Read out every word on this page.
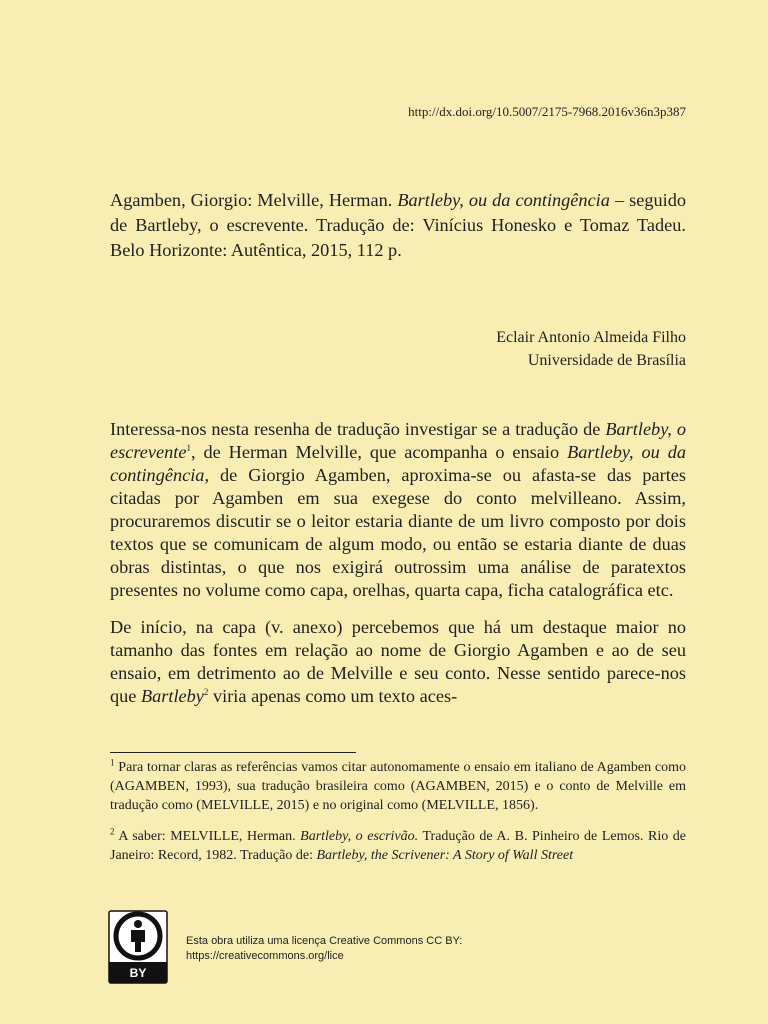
http://dx.doi.org/10.5007/2175-7968.2016v36n3p387

Agamben, Giorgio: Melville, Herman. Bartleby, ou da contingência – seguido de Bartleby, o escrevente. Tradução de: Vinícius Honesko e Tomaz Tadeu. Belo Horizonte: Autêntica, 2015, 112 p.

Eclair Antonio Almeida Filho
Universidade de Brasília

Interessa-nos nesta resenha de tradução investigar se a tradução de Bartleby, o escrevente$^1$, de Herman Melville, que acompanha o ensaio Bartleby, ou da contingência, de Giorgio Agamben, aproxima-se ou afasta-se das partes citadas por Agamben em sua exegese do conto melvilleano. Assim, procuraremos discutir se o leitor estaria diante de um livro composto por dois textos que se comunicam de algum modo, ou então se estaria diante de duas obras distintas, o que nos exigirá outrossim uma análise de paratextos presentes no volume como capa, orelhas, quarta capa, ficha catalográfica etc.

De início, na capa (v. anexo) percebemos que há um destaque maior no tamanho das fontes em relação ao nome de Giorgio Agamben e ao de seu ensaio, em detrimento ao de Melville e seu conto. Nesse sentido parece-nos que Bartleby$^2$ viria apenas como um texto aces-

$^1$ Para tornar claras as referências vamos citar autonomamente o ensaio em italiano de Agamben como (AGAMBEN, 1993), sua tradução brasileira como (AGAMBEN, 2015) e o conto de Melville em tradução como (MELVILLE, 2015) e no original como (MELVILLE, 1856).

$^2$ A saber: MELVILLE, Herman. Bartleby, o escrivão. Tradução de A. B. Pinheiro de Lemos. Rio de Janeiro: Record, 1982. Tradução de: Bartleby, the Scrivener: A Story of Wall Street

BY
Esta obra utiliza uma licença Creative Commons CC BY:
https://creativecommons.org/lice
